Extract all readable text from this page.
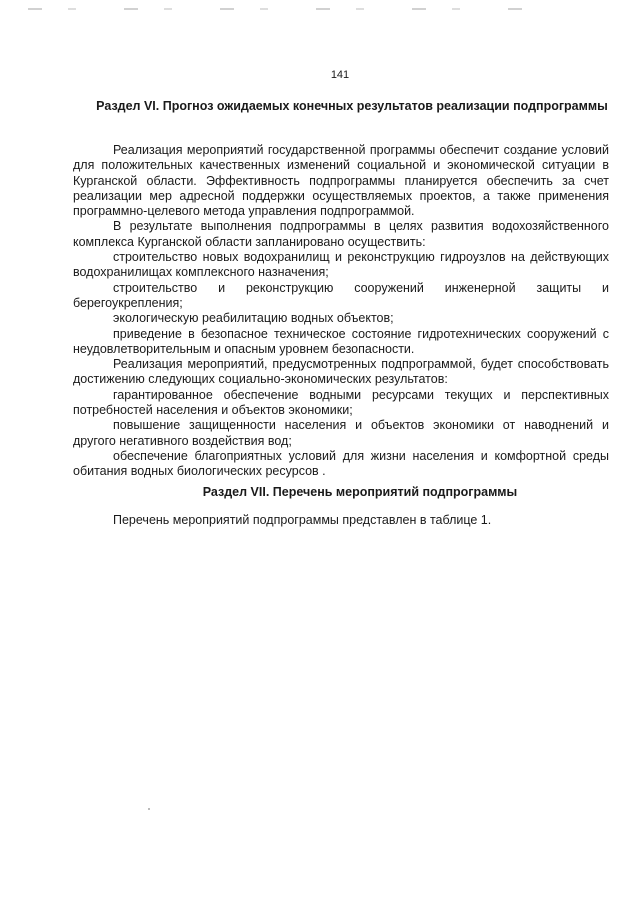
141
Раздел VI. Прогноз ожидаемых конечных результатов реализации подпрограммы

Реализация мероприятий государственной программы обеспечит создание условий для положительных качественных изменений социальной и экономической ситуации в Курганской области. Эффективность подпрограммы планируется обеспечить за счет реализации мер адресной поддержки осуществляемых проектов, а также применения программно-целевого метода управления подпрограммой.

В результате выполнения подпрограммы в целях развития водохозяйственного комплекса Курганской области запланировано осуществить:

строительство новых водохранилищ и реконструкцию гидроузлов на действующих водохранилищах комплексного назначения;

строительство и реконструкцию сооружений инженерной защиты и берегоукрепления;

экологическую реабилитацию водных объектов;

приведение в безопасное техническое состояние гидротехнических сооружений с неудовлетворительным и опасным уровнем безопасности.

Реализация мероприятий, предусмотренных подпрограммой, будет способствовать достижению следующих социально-экономических результатов:

гарантированное обеспечение водными ресурсами текущих и перспективных потребностей населения и объектов экономики;

повышение защищенности населения и объектов экономики от наводнений и другого негативного воздействия вод;

обеспечение благоприятных условий для жизни населения и комфортной среды обитания водных биологических ресурсов .

Раздел VII. Перечень мероприятий подпрограммы

Перечень мероприятий подпрограммы представлен в таблице 1.
